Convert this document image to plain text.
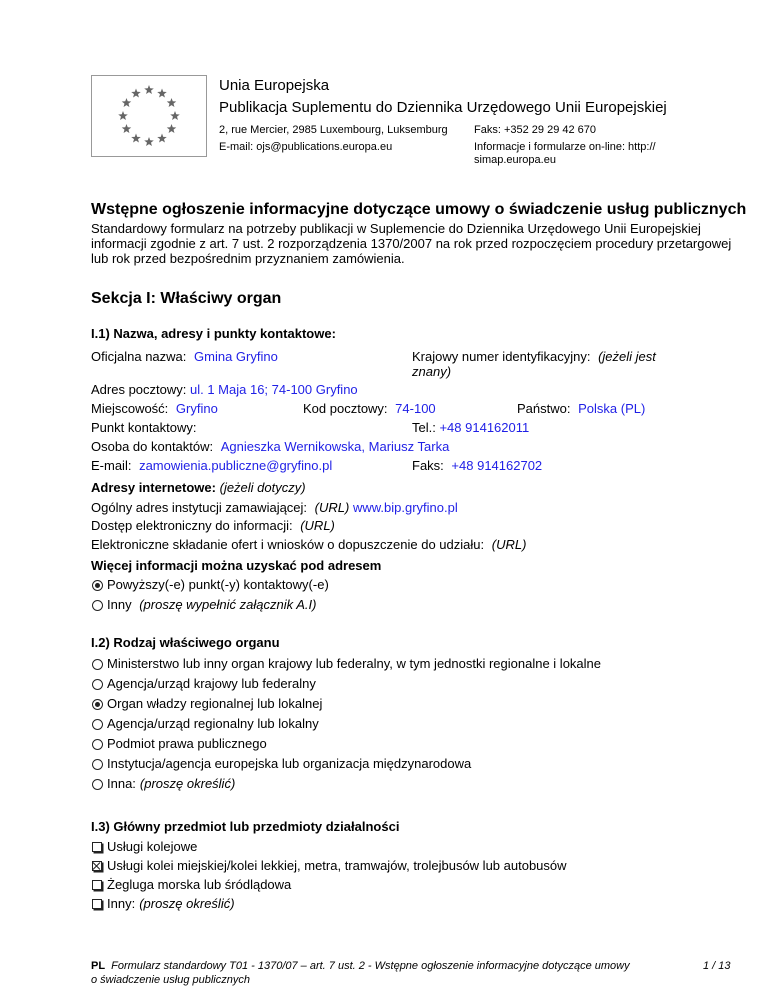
Unia Europejska
Publikacja Suplementu do Dziennika Urzędowego Unii Europejskiej
2, rue Mercier, 2985 Luxembourg, Luksemburg Faks: +352 29 29 42 670
E-mail: ojs@publications.europa.eu	Informacje i formularze on-line: http://
simap.europa.eu
Wstępne ogłoszenie informacyjne dotyczące umowy o świadczenie usług publicznych
Standardowy formularz na potrzeby publikacji w Suplemencie do Dziennika Urzędowego Unii Europejskiej
informacji zgodnie z art. 7 ust. 2 rozporządzenia 1370/2007 na rok przed rozpoczęciem procedury przetargowej
lub rok przed bezpośrednim przyznaniem zamówienia.
Sekcja I: Właściwy organ
I.1) Nazwa, adresy i punkty kontaktowe:
Oficjalna nazwa: Gmina Gryfino	Krajowy numer identyfikacyjny: (jeżeli jest
znany)
Adres pocztowy: ul. 1 Maja 16; 74-100 Gryfino
Miejscowość: Gryfino	Kod pocztowy: 74-100	Państwo: Polska (PL)
Punkt kontaktowy:	Tel.: +48 914162011
Osoba do kontaktów: Agnieszka Wernikowska, Mariusz Tarka
E-mail: zamowienia.publiczne@gryfino.pl	Faks: +48 914162702
Adresy internetowe: (jeżeli dotyczy)
Ogólny adres instytucji zamawiającej: (URL) www.bip.gryfino.pl
Dostęp elektroniczny do informacji: (URL)
Elektroniczne składanie ofert i wniosków o dopuszczenie do udziału: (URL)
Więcej informacji można uzyskać pod adresem
Powyższy(-e) punkt(-y) kontaktowy(-e)
Inny (proszę wypełnić załącznik A.I)
I.2) Rodzaj właściwego organu
Ministerstwo lub inny organ krajowy lub federalny, w tym jednostki regionalne i lokalne
Agencja/urząd krajowy lub federalny
Organ władzy regionalnej lub lokalnej
Agencja/urząd regionalny lub lokalny
Podmiot prawa publicznego
Instytucja/agencja europejska lub organizacja międzynarodowa
Inna: (proszę określić)
I.3) Główny przedmiot lub przedmioty działalności
Usługi kolejowe
Usługi kolei miejskiej/kolei lekkiej, metra, tramwajów, trolejbusów lub autobusów
Żegluga morska lub śródlądowa
Inny: (proszę określić)
PL Formularz standardowy T01 - 1370/07 – art. 7 ust. 2 - Wstępne ogłoszenie informacyjne dotyczące umowy
o świadczenie usług publicznych
1 / 13
